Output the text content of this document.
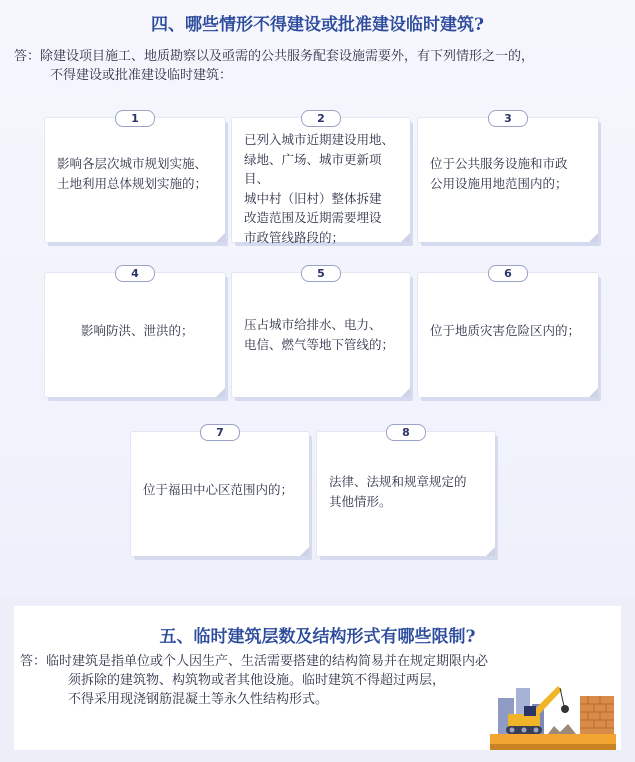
四、哪些情形不得建设或批准建设临时建筑?
答：除建设项目施工、地质勘察以及亟需的公共服务配套设施需要外，有下列情形之一的，
不得建设或批准建设临时建筑：
1
影响各层次城市规划实施、
土地利用总体规划实施的；
2
已列入城市近期建设用地、
绿地、广场、城市更新项目、
城中村（旧村）整体拆建
改造范围及近期需要埋设
市政管线路段的；
3
位于公共服务设施和市政
公用设施用地范围内的；
4
影响防洪、泄洪的；
5
压占城市给排水、电力、
电信、燃气等地下管线的；
6
位于地质灾害危险区内的；
7
位于福田中心区范围内的；
8
法律、法规和规章规定的
其他情形。
五、临时建筑层数及结构形式有哪些限制?
答：临时建筑是指单位或个人因生产、生活需要搭建的结构简易并在规定期限内必
须拆除的建筑物、构筑物或者其他设施。临时建筑不得超过两层，
不得采用现浇钢筋混凝土等永久性结构形式。
